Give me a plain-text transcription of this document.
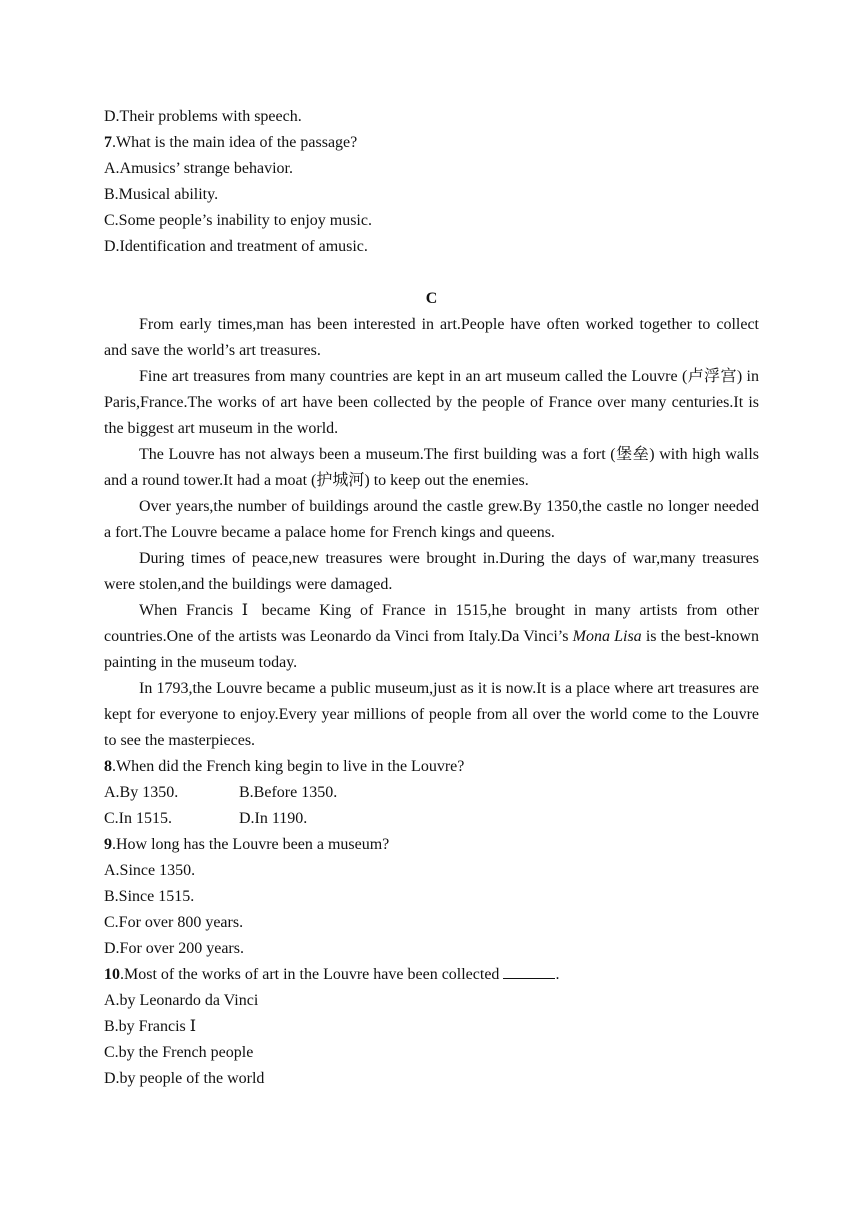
D.Their problems with speech.
7.What is the main idea of the passage?
A.Amusics’ strange behavior.
B.Musical ability.
C.Some people’s inability to enjoy music.
D.Identification and treatment of amusic.
C

From early times,man has been interested in art.People have often worked together to collect and save the world’s art treasures.

Fine art treasures from many countries are kept in an art museum called the Louvre (卢浮宫) in Paris,France.The works of art have been collected by the people of France over many centuries.It is the biggest art museum in the world.

The Louvre has not always been a museum.The first building was a fort (堡垒) with high walls and a round tower.It had a moat (护城河) to keep out the enemies.

Over years,the number of buildings around the castle grew.By 1350,the castle no longer needed a fort.The Louvre became a palace home for French kings and queens.

During times of peace,new treasures were brought in.During the days of war,many treasures were stolen,and the buildings were damaged.

When Francis Ⅰ became King of France in 1515,he brought in many artists from other countries.One of the artists was Leonardo da Vinci from Italy.Da Vinci’s Mona Lisa is the best-known painting in the museum today.

In 1793,the Louvre became a public museum,just as it is now.It is a place where art treasures are kept for everyone to enjoy.Every year millions of people from all over the world come to the Louvre to see the masterpieces.

8.When did the French king begin to live in the Louvre?
A.By 1350.	B.Before 1350.
C.In 1515.	D.In 1190.
9.How long has the Louvre been a museum?
A.Since 1350.
B.Since 1515.
C.For over 800 years.
D.For over 200 years.
10.Most of the works of art in the Louvre have been collected	.
A.by Leonardo da Vinci
B.by Francis Ⅰ
C.by the French people
D.by people of the world
